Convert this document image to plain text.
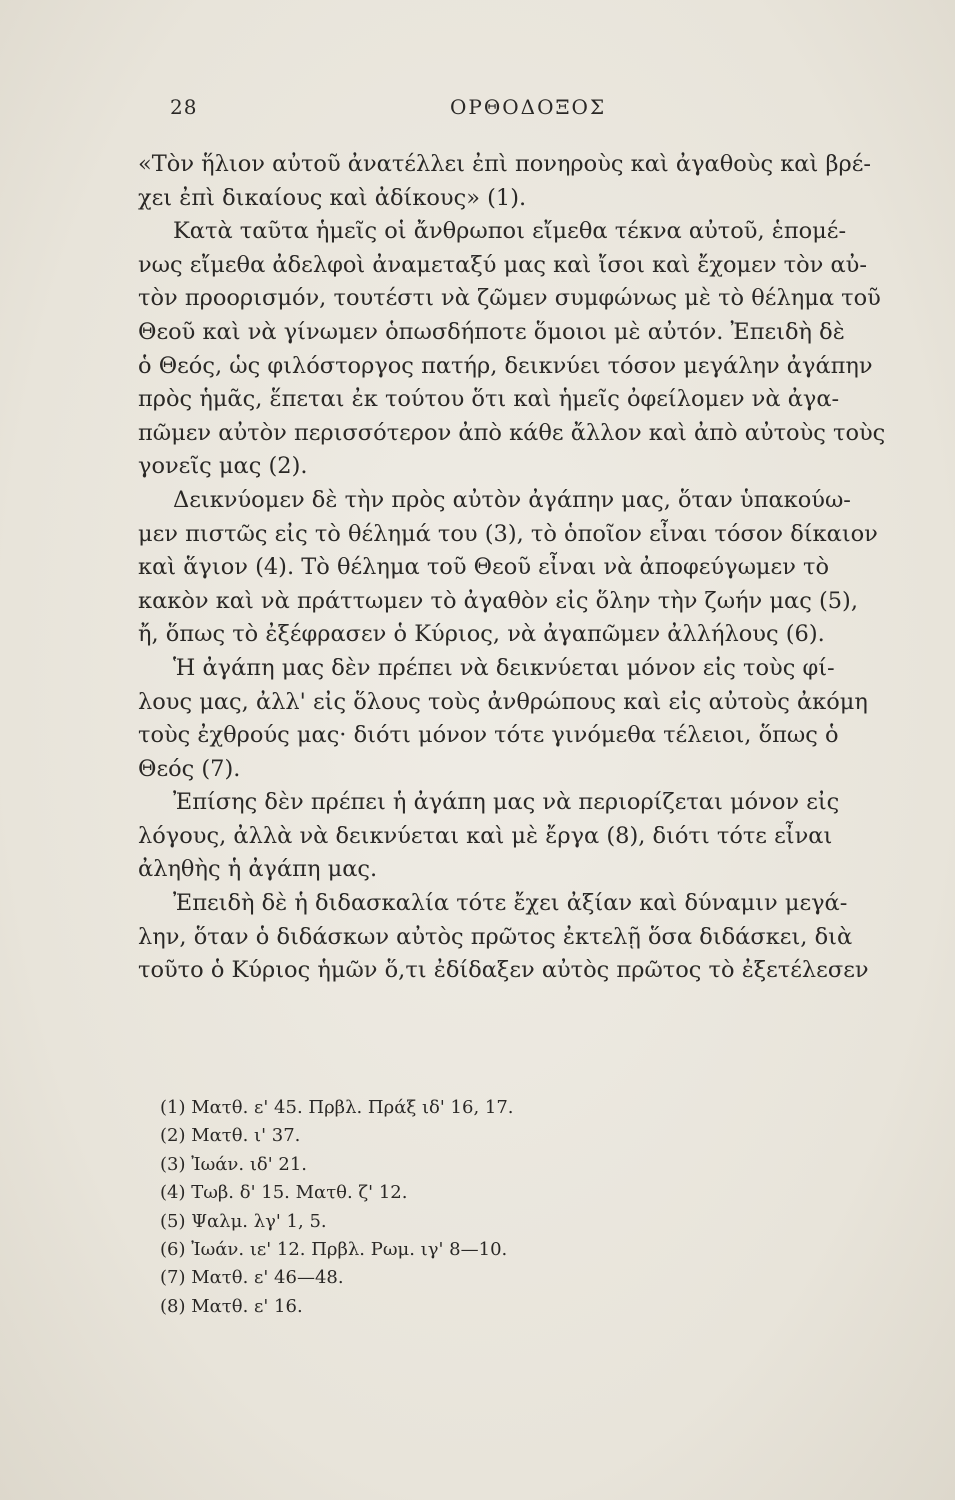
28	ΟΡΘΟΔΟΞΟΣ
«Τὸν ἥλιον αὐτοῦ ἀνατέλλει ἐπὶ πονηροὺς καὶ ἀγαθοὺς καὶ βρέ-
χει ἐπὶ δικαίους καὶ ἀδίκους» (1).
Κατὰ ταῦτα ἡμεῖς οἱ ἄνθρωποι εἴμεθα τέκνα αὐτοῦ, ἑπομέ-
νως εἴμεθα ἀδελφοὶ ἀναμεταξύ μας καὶ ἴσοι καὶ ἔχομεν τὸν αὐ-
τὸν προορισμόν, τουτέστι νὰ ζῶμεν συμφώνως μὲ τὸ θέλημα τοῦ
Θεοῦ καὶ νὰ γίνωμεν ὁπωσδήποτε ὅμοιοι μὲ αὐτόν. Ἐπειδὴ δὲ
ὁ Θεός, ὡς φιλόστοργος πατήρ, δεικνύει τόσον μεγάλην ἀγάπην
πρὸς ἡμᾶς, ἕπεται ἐκ τούτου ὅτι καὶ ἡμεῖς ὀφείλομεν νὰ ἀγα-
πῶμεν αὐτὸν περισσότερον ἀπὸ κάθε ἄλλον καὶ ἀπὸ αὐτοὺς τοὺς
γονεῖς μας (2).
Δεικνύομεν δὲ τὴν πρὸς αὐτὸν ἀγάπην μας, ὅταν ὑπακούω-
μεν πιστῶς εἰς τὸ θέλημά του (3), τὸ ὁποῖον εἶναι τόσον δίκαιον
καὶ ἅγιον (4). Τὸ θέλημα τοῦ Θεοῦ εἶναι νὰ ἀποφεύγωμεν τὸ
κακὸν καὶ νὰ πράττωμεν τὸ ἀγαθὸν εἰς ὅλην τὴν ζωήν μας (5),
ἤ, ὅπως τὸ ἐξέφρασεν ὁ Κύριος, νὰ ἀγαπῶμεν ἀλλήλους (6).
Ἡ ἀγάπη μας δὲν πρέπει νὰ δεικνύεται μόνον εἰς τοὺς φί-
λους μας, ἀλλ' εἰς ὅλους τοὺς ἀνθρώπους καὶ εἰς αὐτοὺς ἀκόμη
τοὺς ἐχθρούς μας· διότι μόνον τότε γινόμεθα τέλειοι, ὅπως ὁ
Θεός (7).
Ἐπίσης δὲν πρέπει ἡ ἀγάπη μας νὰ περιορίζεται μόνον εἰς
λόγους, ἀλλὰ νὰ δεικνύεται καὶ μὲ ἔργα (8), διότι τότε εἶναι
ἀληθὴς ἡ ἀγάπη μας.
Ἐπειδὴ δὲ ἡ διδασκαλία τότε ἔχει ἀξίαν καὶ δύναμιν μεγά-
λην, ὅταν ὁ διδάσκων αὐτὸς πρῶτος ἐκτελῇ ὅσα διδάσκει, διὰ
τοῦτο ὁ Κύριος ἡμῶν ὅ,τι ἐδίδαξεν αὐτὸς πρῶτος τὸ ἐξετέλεσεν
(1) Ματθ. ε' 45. Πρβλ. Πράξ ιδ' 16, 17.
(2) Ματθ. ι' 37.
(3) Ἰωάν. ιδ' 21.
(4) Τωβ. δ' 15. Ματθ. ζ' 12.
(5) Ψαλμ. λγ' 1, 5.
(6) Ἰωάν. ιε' 12. Πρβλ. Ρωμ. ιγ' 8—10.
(7) Ματθ. ε' 46—48.
(8) Ματθ. ε' 16.
